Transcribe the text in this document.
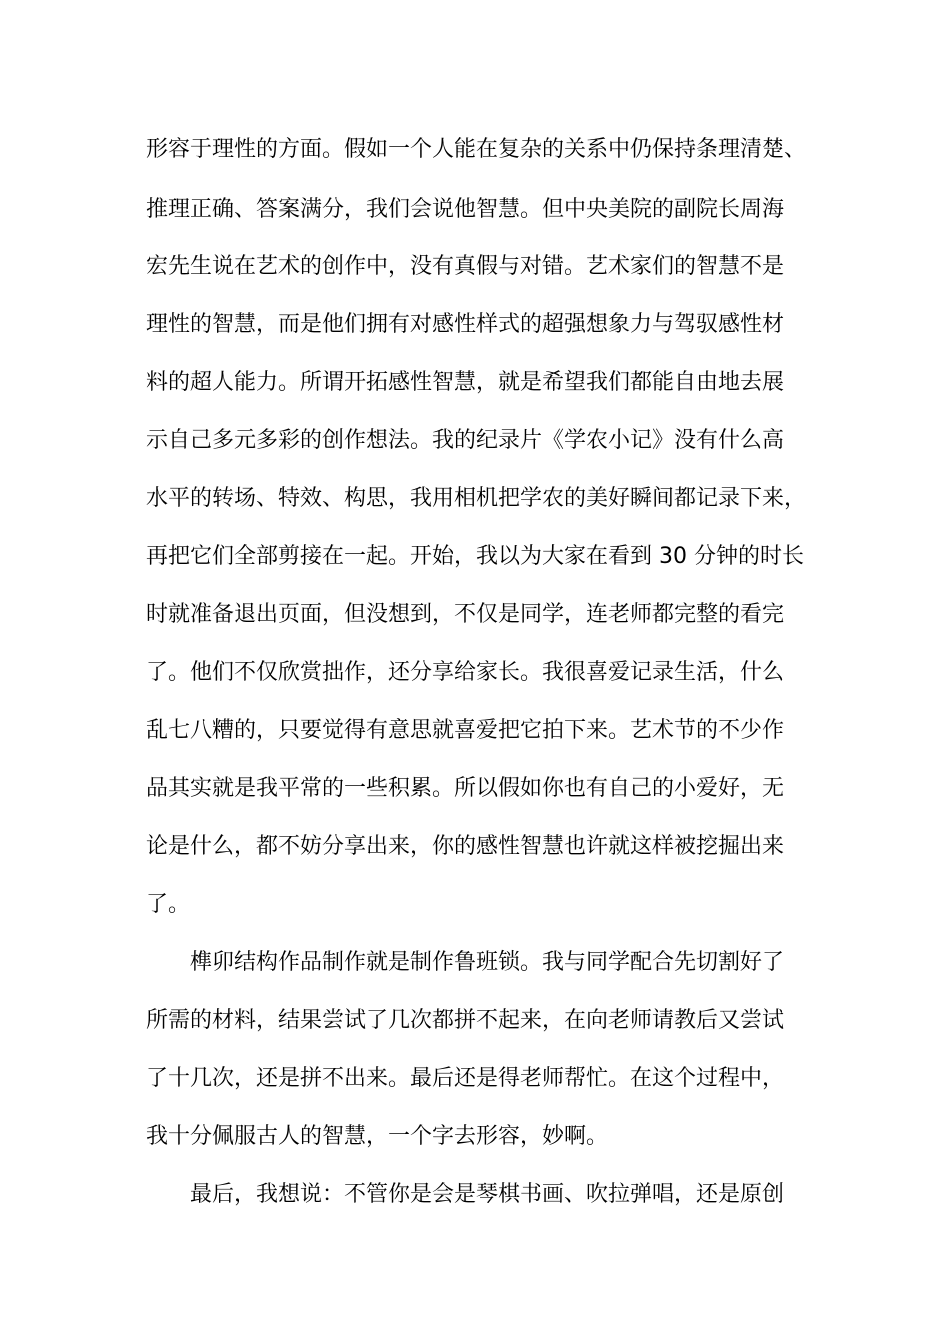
形容于理性的方面。假如一个人能在复杂的关系中仍保持条理清楚、
推理正确、答案满分，我们会说他智慧。但中央美院的副院长周海
宏先生说在艺术的创作中，没有真假与对错。艺术家们的智慧不是
理性的智慧，而是他们拥有对感性样式的超强想象力与驾驭感性材
料的超人能力。所谓开拓感性智慧，就是希望我们都能自由地去展
示自己多元多彩的创作想法。我的纪录片《学农小记》没有什么高
水平的转场、特效、构思，我用相机把学农的美好瞬间都记录下来，
再把它们全部剪接在一起。开始，我以为大家在看到 30 分钟的时长
时就准备退出页面，但没想到，不仅是同学，连老师都完整的看完
了。他们不仅欣赏拙作，还分享给家长。我很喜爱记录生活，什么
乱七八糟的，只要觉得有意思就喜爱把它拍下来。艺术节的不少作
品其实就是我平常的一些积累。所以假如你也有自己的小爱好，无
论是什么，都不妨分享出来，你的感性智慧也许就这样被挖掘出来
了。
榫卯结构作品制作就是制作鲁班锁。我与同学配合先切割好了
所需的材料，结果尝试了几次都拼不起来，在向老师请教后又尝试
了十几次，还是拼不出来。最后还是得老师帮忙。在这个过程中，
我十分佩服古人的智慧，一个字去形容，妙啊。
最后，我想说：不管你是会是琴棋书画、吹拉弹唱，还是原创
